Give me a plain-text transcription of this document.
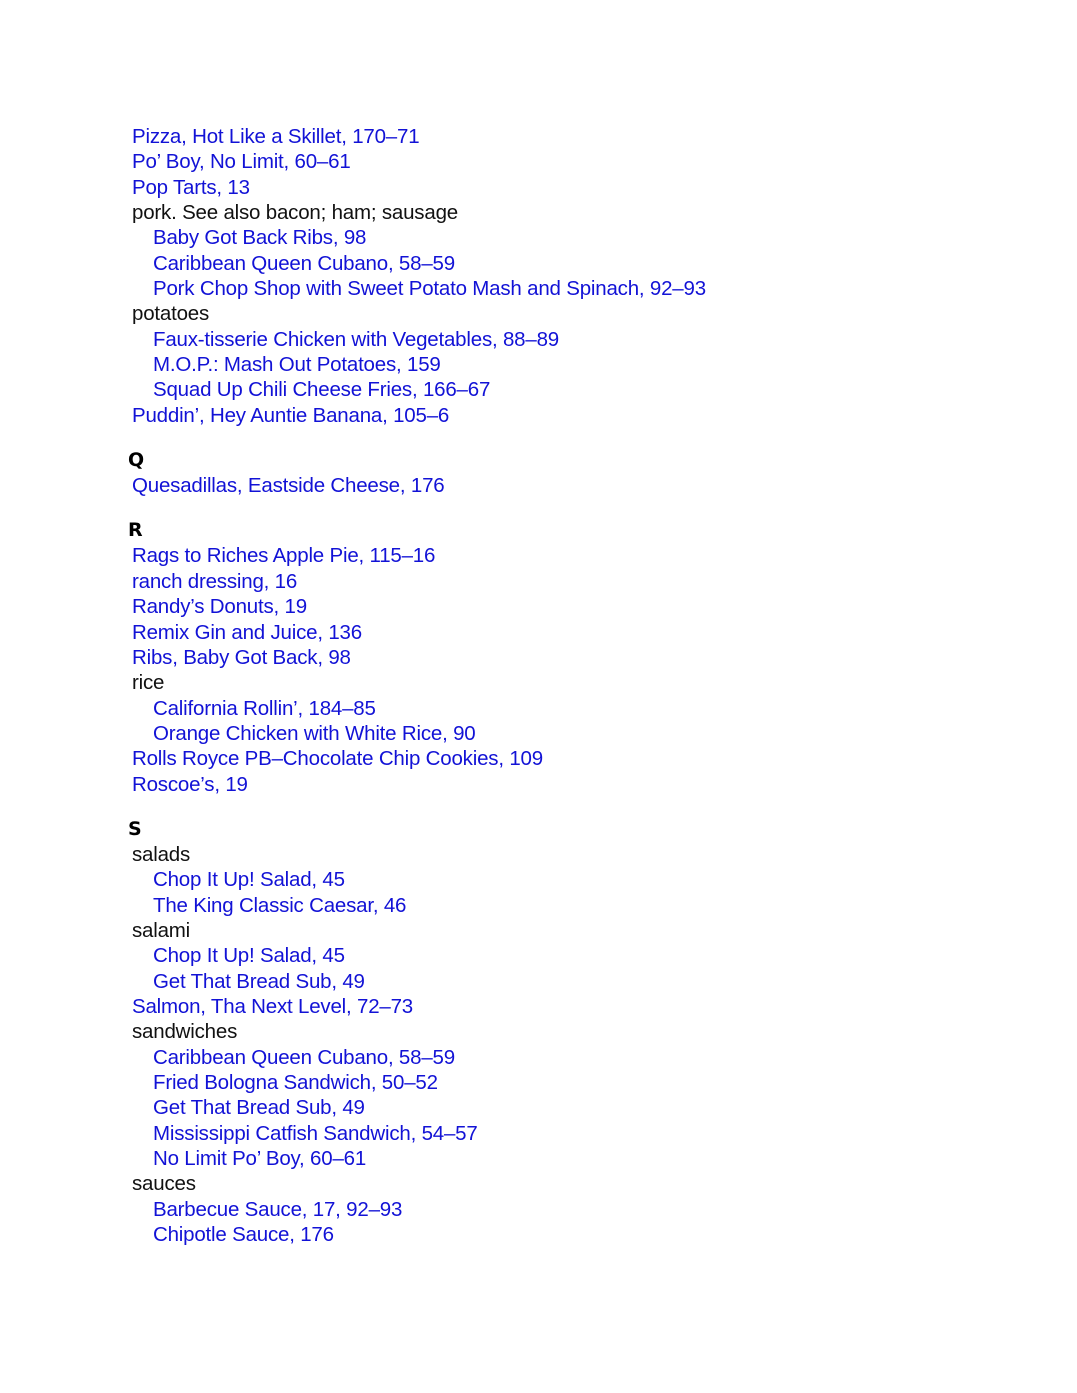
Pizza, Hot Like a Skillet, 170–71
Po’ Boy, No Limit, 60–61
Pop Tarts, 13
pork. See also bacon; ham; sausage
Baby Got Back Ribs, 98
Caribbean Queen Cubano, 58–59
Pork Chop Shop with Sweet Potato Mash and Spinach, 92–93
potatoes
Faux-tisserie Chicken with Vegetables, 88–89
M.O.P.: Mash Out Potatoes, 159
Squad Up Chili Cheese Fries, 166–67
Puddin’, Hey Auntie Banana, 105–6
Q
Quesadillas, Eastside Cheese, 176
R
Rags to Riches Apple Pie, 115–16
ranch dressing, 16
Randy’s Donuts, 19
Remix Gin and Juice, 136
Ribs, Baby Got Back, 98
rice
California Rollin’, 184–85
Orange Chicken with White Rice, 90
Rolls Royce PB–Chocolate Chip Cookies, 109
Roscoe’s, 19
S
salads
Chop It Up! Salad, 45
The King Classic Caesar, 46
salami
Chop It Up! Salad, 45
Get That Bread Sub, 49
Salmon, Tha Next Level, 72–73
sandwiches
Caribbean Queen Cubano, 58–59
Fried Bologna Sandwich, 50–52
Get That Bread Sub, 49
Mississippi Catfish Sandwich, 54–57
No Limit Po’ Boy, 60–61
sauces
Barbecue Sauce, 17, 92–93
Chipotle Sauce, 176
